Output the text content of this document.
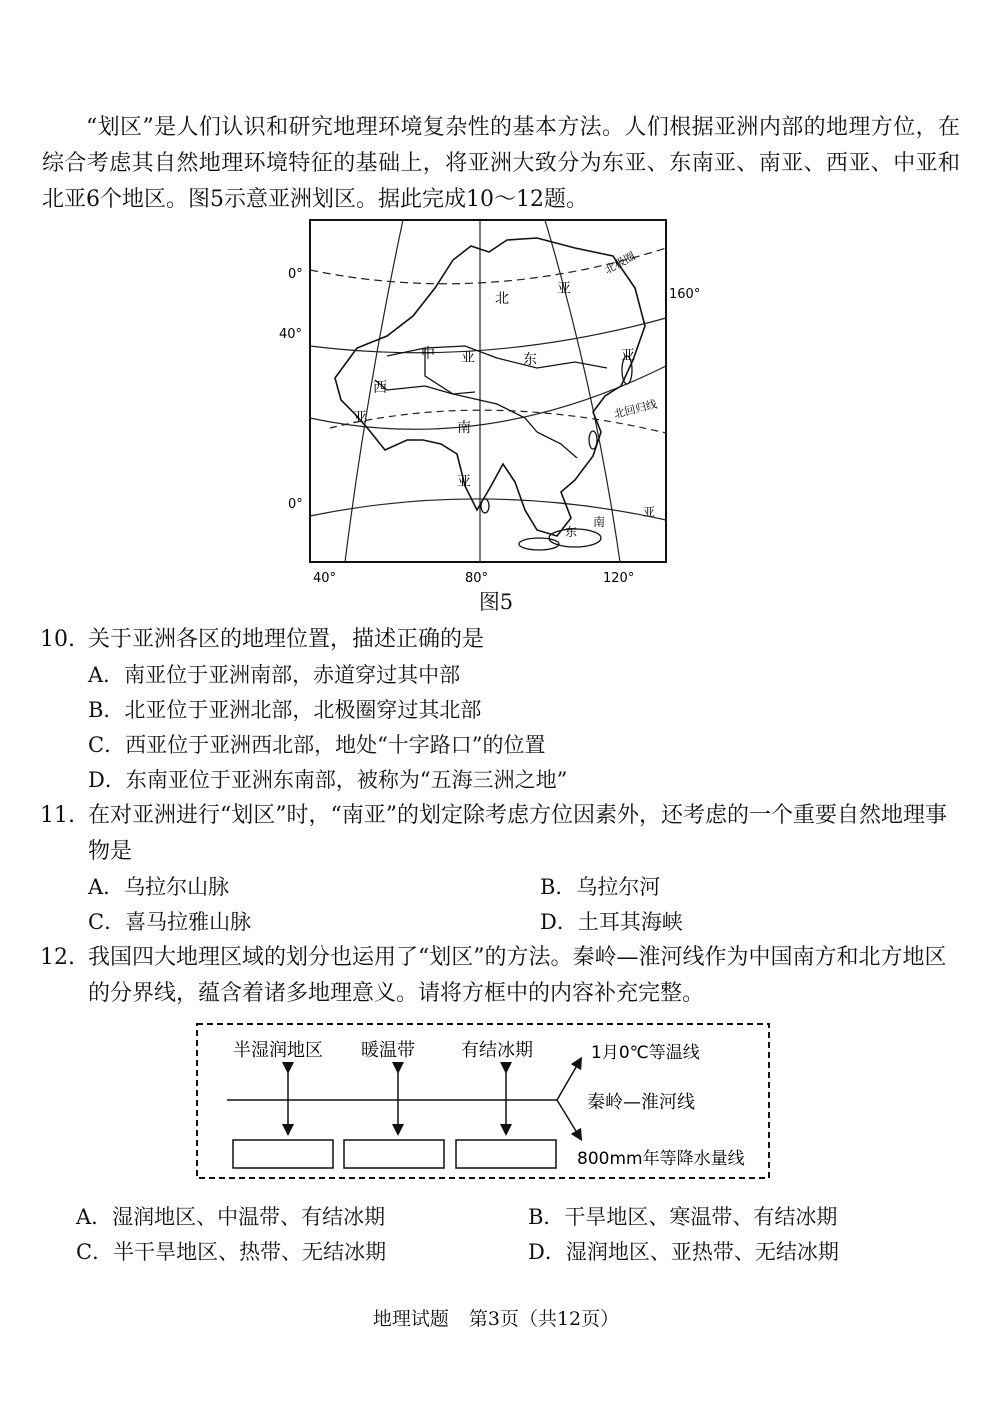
“划区”是人们认识和研究地理环境复杂性的基本方法。人们根据亚洲内部的地理方位，在综合考虑其自然地理环境特征的基础上，将亚洲大致分为东亚、东南亚、南亚、西亚、中亚和北亚6个地区。图5示意亚洲划区。据此完成10～12题。

0°
40°
0°
40°	80°	120°
160°
北
亚
中 亚	东	亚
西
亚
南
亚
东
南
亚
北极圈
北回归线
图5
10. 关于亚洲各区的地理位置，描述正确的是
A．南亚位于亚洲南部，赤道穿过其中部
B．北亚位于亚洲北部，北极圈穿过其北部
C．西亚位于亚洲西北部，地处“十字路口”的位置
D．东南亚位于亚洲东南部，被称为“五海三洲之地”
11. 在对亚洲进行“划区”时，“南亚”的划定除考虑方位因素外，还考虑的一个重要自然地理事物是
A．乌拉尔山脉	B．乌拉尔河
C．喜马拉雅山脉	D．土耳其海峡
12. 我国四大地理区域的划分也运用了“划区”的方法。秦岭—淮河线作为中国南方和北方地区的分界线，蕴含着诸多地理意义。请将方框中的内容补充完整。
半湿润地区 暖温带	有结冰期	1月0℃等温线
秦岭—淮河线
800mm年等降水量线
A．湿润地区、中温带、有结冰期	B．干旱地区、寒温带、有结冰期
C．半干旱地区、热带、无结冰期	D．湿润地区、亚热带、无结冰期
地理试题 第3页（共12页）
